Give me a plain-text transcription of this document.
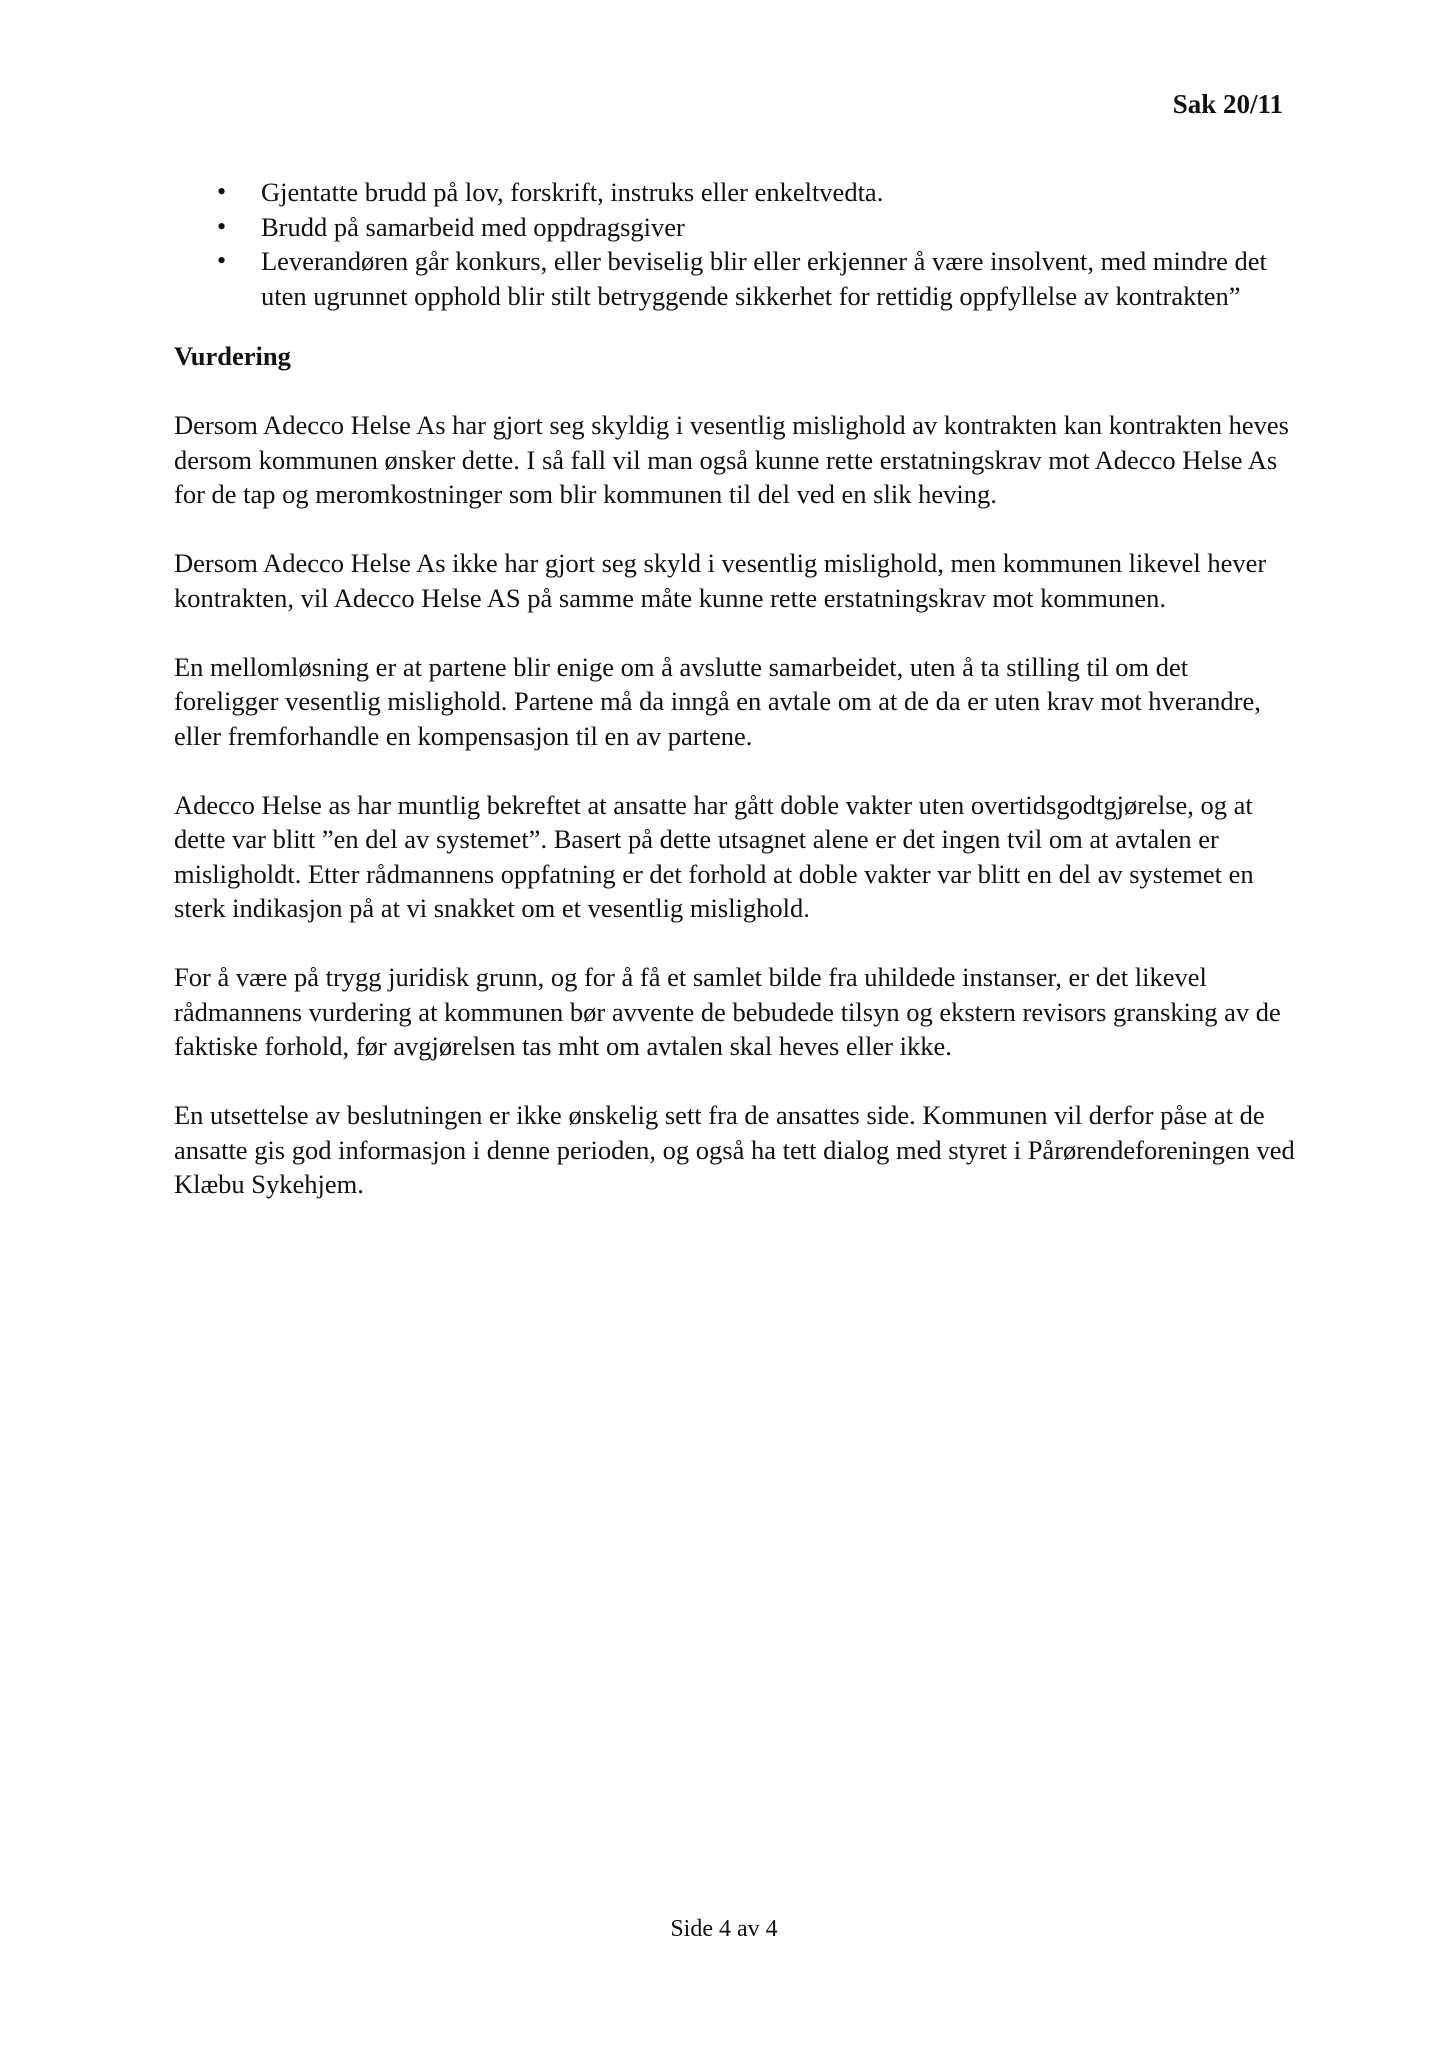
Sak 20/11
• Gjentatte brudd på lov, forskrift, instruks eller enkeltvedta.
• Brudd på samarbeid med oppdragsgiver
• Leverandøren går konkurs, eller beviselig blir eller erkjenner å være insolvent, med mindre det uten ugrunnet opphold blir stilt betryggende sikkerhet for rettidig oppfyllelse av kontrakten”
Vurdering

Dersom Adecco Helse As har gjort seg skyldig i vesentlig mislighold av kontrakten kan kontrakten heves dersom kommunen ønsker dette. I så fall vil man også kunne rette erstatningskrav mot Adecco Helse As for de tap og meromkostninger som blir kommunen til del ved en slik heving.

Dersom Adecco Helse As ikke har gjort seg skyld i vesentlig mislighold, men kommunen likevel hever kontrakten, vil Adecco Helse AS på samme måte kunne rette erstatningskrav mot kommunen.

En mellomløsning er at partene blir enige om å avslutte samarbeidet, uten å ta stilling til om det foreligger vesentlig mislighold. Partene må da inngå en avtale om at de da er uten krav mot hverandre, eller fremforhandle en kompensasjon til en av partene.

Adecco Helse as har muntlig bekreftet at ansatte har gått doble vakter uten overtidsgodtgjørelse, og at dette var blitt ”en del av systemet”. Basert på dette utsagnet alene er det ingen tvil om at avtalen er misligholdt. Etter rådmannens oppfatning er det forhold at doble vakter var blitt en del av systemet en sterk indikasjon på at vi snakket om et vesentlig mislighold.

For å være på trygg juridisk grunn, og for å få et samlet bilde fra uhildede instanser, er det likevel rådmannens vurdering at kommunen bør avvente de bebudede tilsyn og ekstern revisors gransking av de faktiske forhold, før avgjørelsen tas mht om avtalen skal heves eller ikke.

En utsettelse av beslutningen er ikke ønskelig sett fra de ansattes side. Kommunen vil derfor påse at de ansatte gis god informasjon i denne perioden, og også ha tett dialog med styret i Pårørendeforeningen ved Klæbu Sykehjem.

Side 4 av 4
